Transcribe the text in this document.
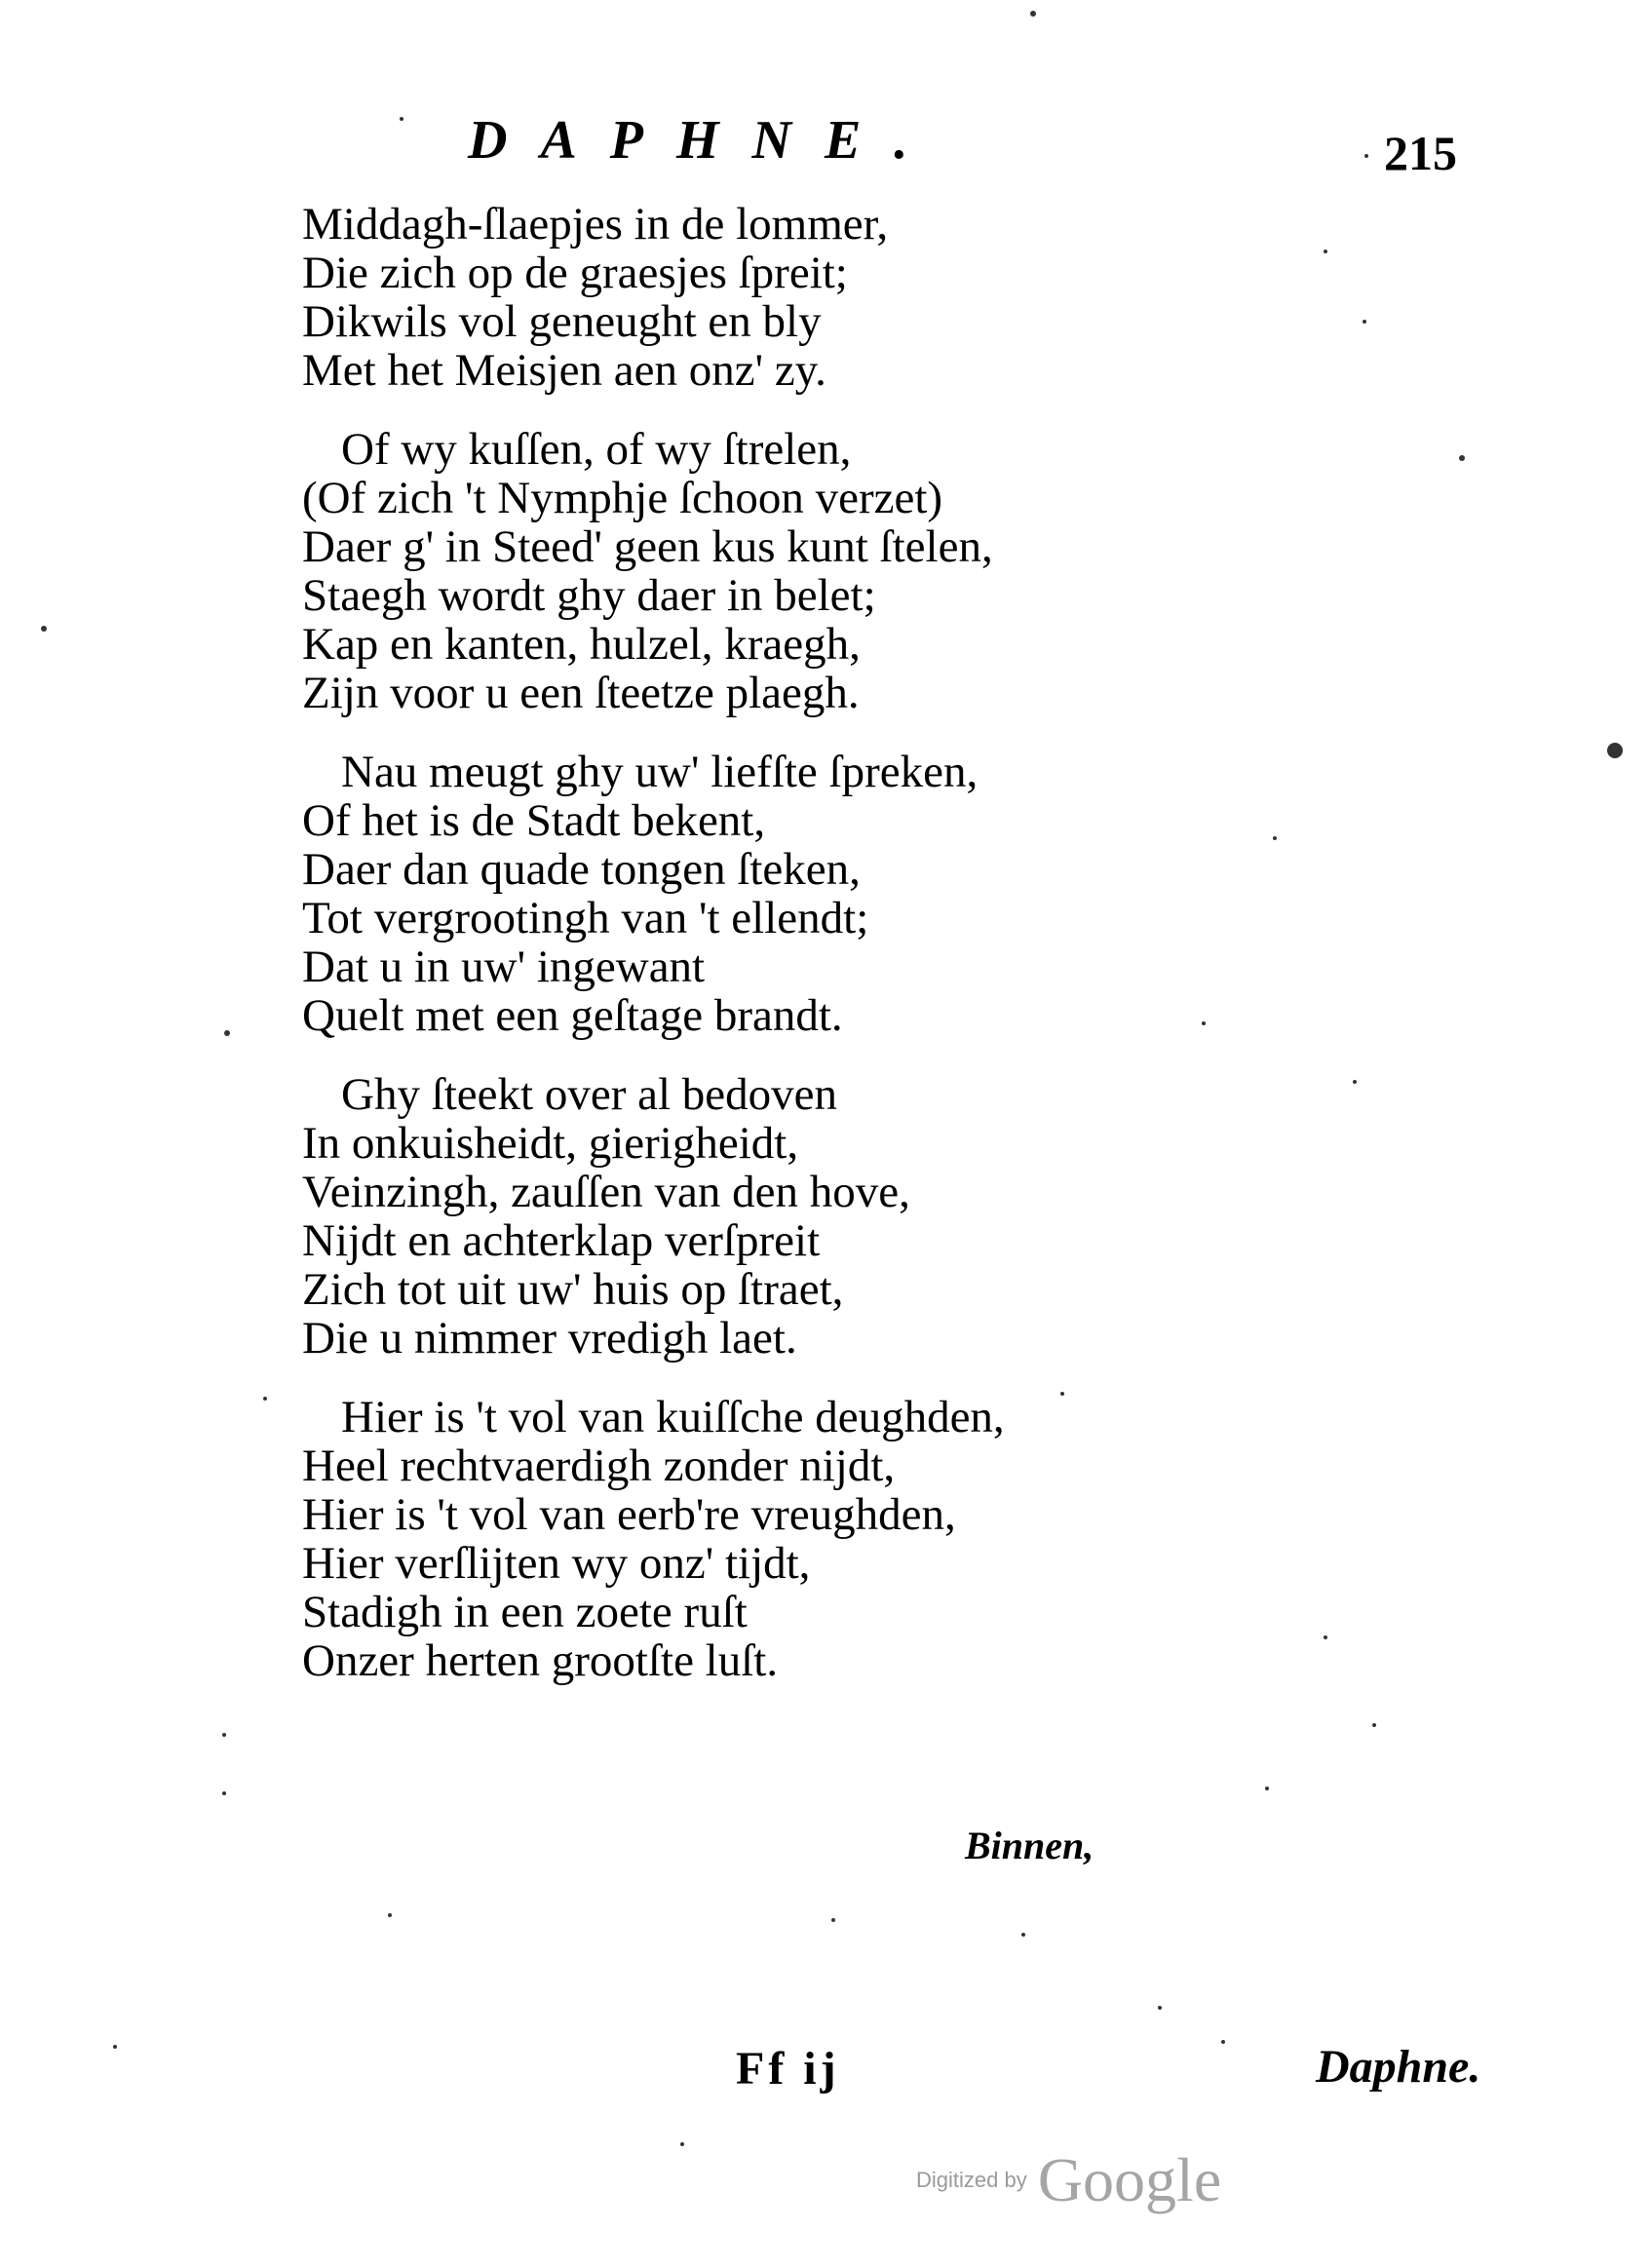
DAPHNE.	215
Middagh-ſlaepjes in de lommer,
Die zich op de graesjes ſpreit;
Dikwils vol geneught en bly
Met het Meisjen aen onz' zy.
Of wy kuſſen, of wy ſtrelen,
(Of zich 't Nymphje ſchoon verzet)
Daer g' in Steed' geen kus kunt ſtelen,
Staegh wordt ghy daer in belet;
Kap en kanten, hulzel, kraegh,
Zijn voor u een ſteetze plaegh.
Nau meugt ghy uw' liefſte ſpreken,
Of het is de Stadt bekent,
Daer dan quade tongen ſteken,
Tot vergrootingh van 't ellendt;
Dat u in uw' ingewant
Quelt met een geſtage brandt.
Ghy ſteekt over al bedoven
In onkuisheidt, gierigheidt,
Veinzingh, zauſſen van den hove,
Nijdt en achterklap verſpreit
Zich tot uit uw' huis op ſtraet,
Die u nimmer vredigh laet.
Hier is 't vol van kuiſſche deughden,
Heel rechtvaerdigh zonder nijdt,
Hier is 't vol van eerb're vreughden,
Hier verſlijten wy onz' tijdt,
Stadigh in een zoete ruſt
Onzer herten grootſte luſt.
Binnen,
Ff ij	Daphne.
Digitized by Google
